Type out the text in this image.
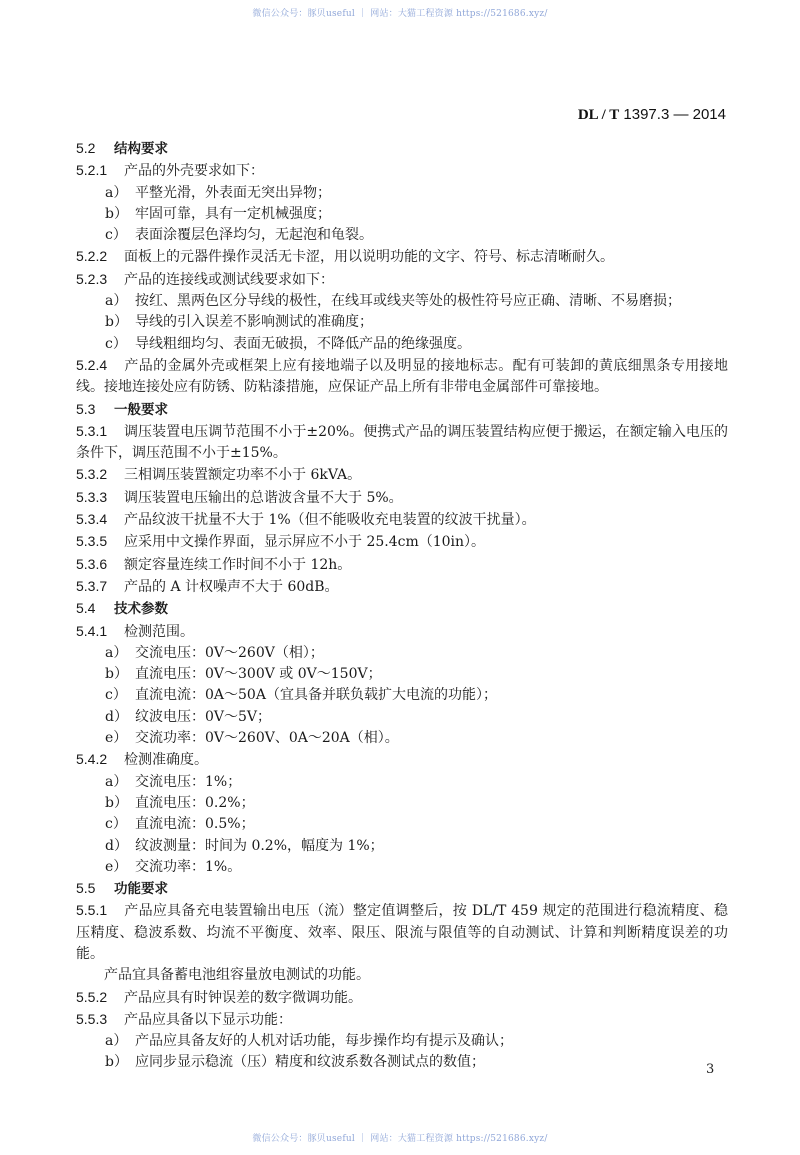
微信公众号：豚贝useful ｜ 网站：大猫工程资源 https://521686.xyz/
DL / T 1397.3 — 2014
5.2 结构要求
5.2.1 产品的外壳要求如下：
a） 平整光滑，外表面无突出异物；
b） 牢固可靠，具有一定机械强度；
c） 表面涂覆层色泽均匀，无起泡和龟裂。
5.2.2 面板上的元器件操作灵活无卡涩，用以说明功能的文字、符号、标志清晰耐久。
5.2.3 产品的连接线或测试线要求如下：
a） 按红、黑两色区分导线的极性，在线耳或线夹等处的极性符号应正确、清晰、不易磨损；
b） 导线的引入误差不影响测试的准确度；
c） 导线粗细均匀、表面无破损，不降低产品的绝缘强度。
5.2.4 产品的金属外壳或框架上应有接地端子以及明显的接地标志。配有可装卸的黄底细黑条专用接地线。接地连接处应有防锈、防粘漆措施，应保证产品上所有非带电金属部件可靠接地。
5.3 一般要求
5.3.1 调压装置电压调节范围不小于±20%。便携式产品的调压装置结构应便于搬运，在额定输入电压的条件下，调压范围不小于±15%。
5.3.2 三相调压装置额定功率不小于 6kVA。
5.3.3 调压装置电压输出的总谐波含量不大于 5%。
5.3.4 产品纹波干扰量不大于 1%（但不能吸收充电装置的纹波干扰量）。
5.3.5 应采用中文操作界面，显示屏应不小于 25.4cm（10in）。
5.3.6 额定容量连续工作时间不小于 12h。
5.3.7 产品的 A 计权噪声不大于 60dB。
5.4 技术参数
5.4.1 检测范围。
a） 交流电压：0V～260V（相）；
b） 直流电压：0V～300V 或 0V～150V；
c） 直流电流：0A～50A（宜具备并联负载扩大电流的功能）；
d） 纹波电压：0V～5V；
e） 交流功率：0V～260V、0A～20A（相）。
5.4.2 检测准确度。
a） 交流电压：1%；
b） 直流电压：0.2%；
c） 直流电流：0.5%；
d） 纹波测量：时间为 0.2%，幅度为 1%；
e） 交流功率：1%。
5.5 功能要求
5.5.1 产品应具备充电装置输出电压（流）整定值调整后，按 DL/T 459 规定的范围进行稳流精度、稳压精度、稳波系数、均流不平衡度、效率、限压、限流与限值等的自动测试、计算和判断精度误差的功能。
产品宜具备蓄电池组容量放电测试的功能。
5.5.2 产品应具有时钟误差的数字微调功能。
5.5.3 产品应具备以下显示功能：
a） 产品应具备友好的人机对话功能，每步操作均有提示及确认；
b） 应同步显示稳流（压）精度和纹波系数各测试点的数值；	3
微信公众号：豚贝useful ｜ 网站：大猫工程资源 https://521686.xyz/
